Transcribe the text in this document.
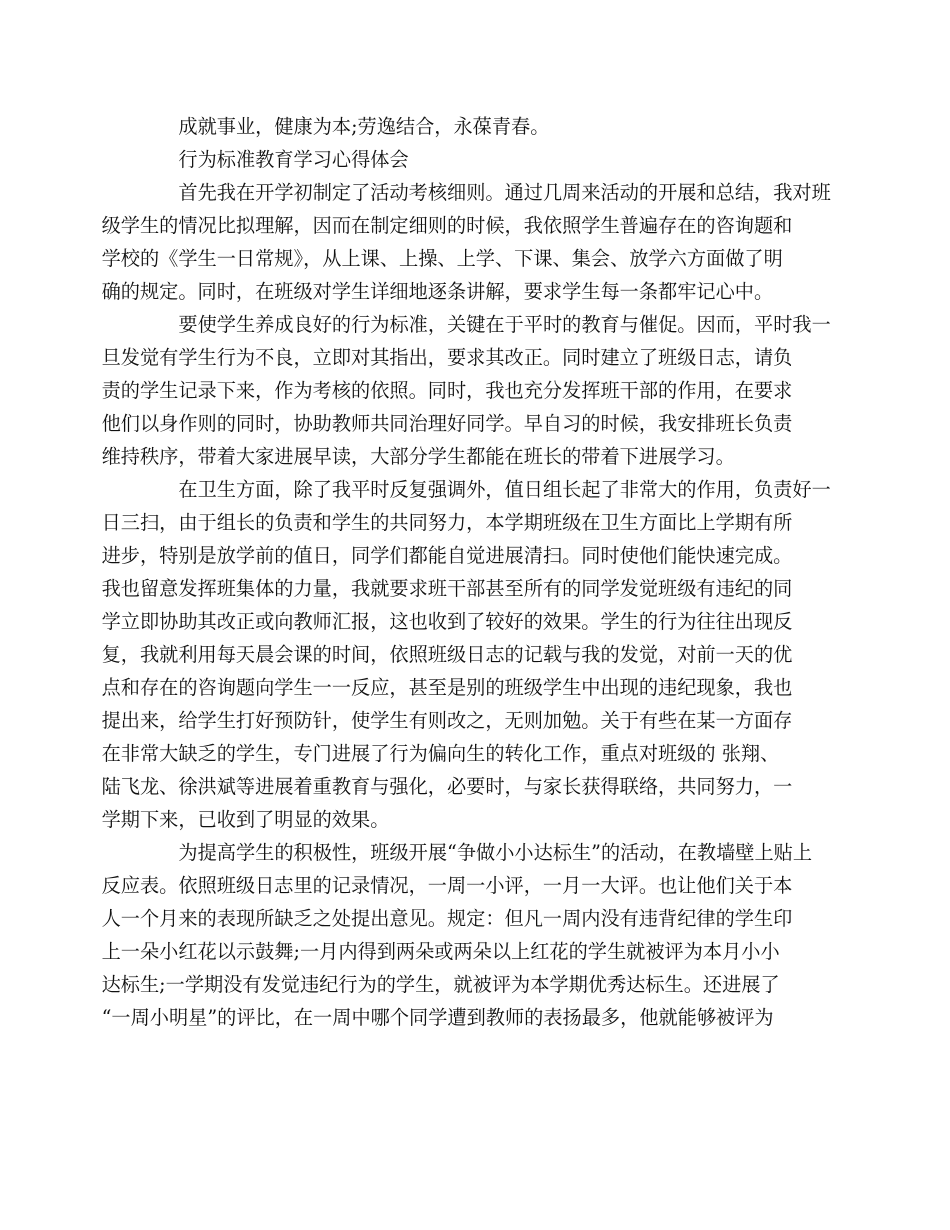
成就事业，健康为本;劳逸结合，永葆青春。

行为标准教育学习心得体会

首先我在开学初制定了活动考核细则。通过几周来活动的开展和总结，我对班
级学生的情况比拟理解，因而在制定细则的时候，我依照学生普遍存在的咨询题和
学校的《学生一日常规》，从上课、上操、上学、下课、集会、放学六方面做了明
确的规定。同时，在班级对学生详细地逐条讲解，要求学生每一条都牢记心中。
要使学生养成良好的行为标准，关键在于平时的教育与催促。因而，平时我一
旦发觉有学生行为不良，立即对其指出，要求其改正。同时建立了班级日志，请负
责的学生记录下来，作为考核的依照。同时，我也充分发挥班干部的作用，在要求
他们以身作则的同时，协助教师共同治理好同学。早自习的时候，我安排班长负责
维持秩序，带着大家进展早读，大部分学生都能在班长的带着下进展学习。
在卫生方面，除了我平时反复强调外，值日组长起了非常大的作用，负责好一
日三扫，由于组长的负责和学生的共同努力，本学期班级在卫生方面比上学期有所
进步，特别是放学前的值日，同学们都能自觉进展清扫。同时使他们能快速完成。
我也留意发挥班集体的力量，我就要求班干部甚至所有的同学发觉班级有违纪的同
学立即协助其改正或向教师汇报，这也收到了较好的效果。学生的行为往往出现反
复，我就利用每天晨会课的时间，依照班级日志的记载与我的发觉，对前一天的优
点和存在的咨询题向学生一一反应，甚至是别的班级学生中出现的违纪现象，我也
提出来，给学生打好预防针，使学生有则改之，无则加勉。关于有些在某一方面存
在非常大缺乏的学生，专门进展了行为偏向生的转化工作，重点对班级的 张翔、
陆飞龙、徐洪斌等进展着重教育与强化，必要时，与家长获得联络，共同努力，一
学期下来，已收到了明显的效果。
为提高学生的积极性，班级开展“争做小小达标生”的活动，在教墙壁上贴上
反应表。依照班级日志里的记录情况，一周一小评，一月一大评。也让他们关于本
人一个月来的表现所缺乏之处提出意见。规定：但凡一周内没有违背纪律的学生印
上一朵小红花以示鼓舞;一月内得到两朵或两朵以上红花的学生就被评为本月小小
达标生;一学期没有发觉违纪行为的学生，就被评为本学期优秀达标生。还进展了
“一周小明星”的评比，在一周中哪个同学遭到教师的表扬最多，他就能够被评为
